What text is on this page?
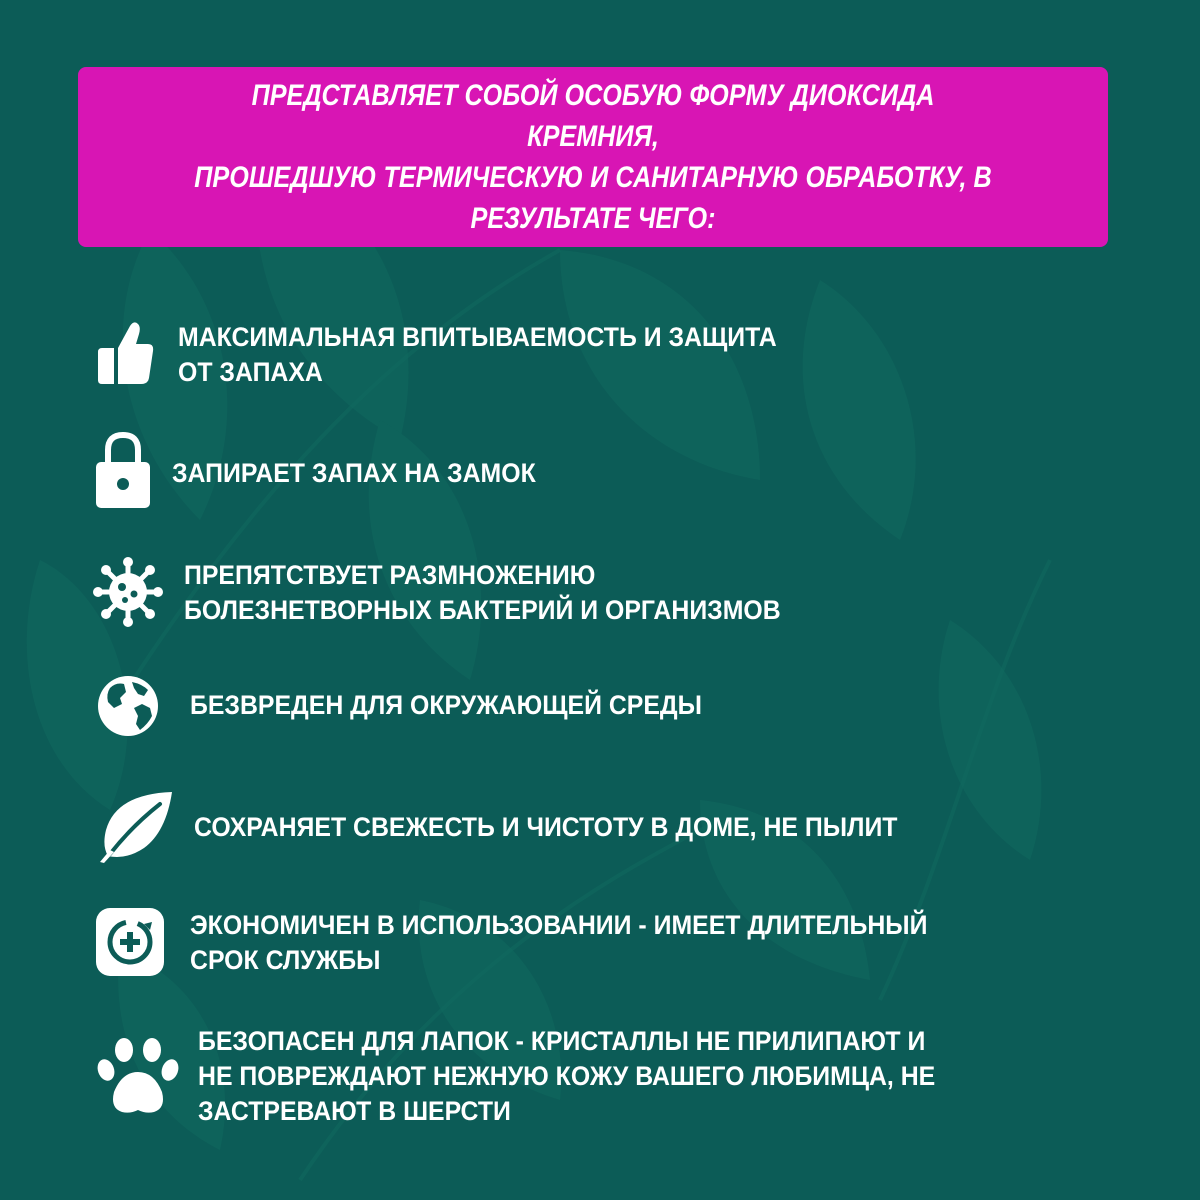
ПРЕДСТАВЛЯЕТ СОБОЙ ОСОБУЮ ФОРМУ ДИОКСИДА КРЕМНИЯ,
ПРОШЕДШУЮ ТЕРМИЧЕСКУЮ И САНИТАРНУЮ ОБРАБОТКУ, В
РЕЗУЛЬТАТЕ ЧЕГО:
МАКСИМАЛЬНАЯ ВПИТЫВАЕМОСТЬ И ЗАЩИТА
ОТ ЗАПАХА
ЗАПИРАЕТ ЗАПАХ НА ЗАМОК
ПРЕПЯТСТВУЕТ РАЗМНОЖЕНИЮ
БОЛЕЗНЕТВОРНЫХ БАКТЕРИЙ И ОРГАНИЗМОВ
БЕЗВРЕДЕН ДЛЯ ОКРУЖАЮЩЕЙ СРЕДЫ
СОХРАНЯЕТ СВЕЖЕСТЬ И ЧИСТОТУ В ДОМЕ, НЕ ПЫЛИТ
ЭКОНОМИЧЕН В ИСПОЛЬЗОВАНИИ - ИМЕЕТ ДЛИТЕЛЬНЫЙ
СРОК СЛУЖБЫ
БЕЗОПАСЕН ДЛЯ ЛАПОК - КРИСТАЛЛЫ НЕ ПРИЛИПАЮТ И
НЕ ПОВРЕЖДАЮТ НЕЖНУЮ КОЖУ ВАШЕГО ЛЮБИМЦА, НЕ
ЗАСТРЕВАЮТ В ШЕРСТИ
